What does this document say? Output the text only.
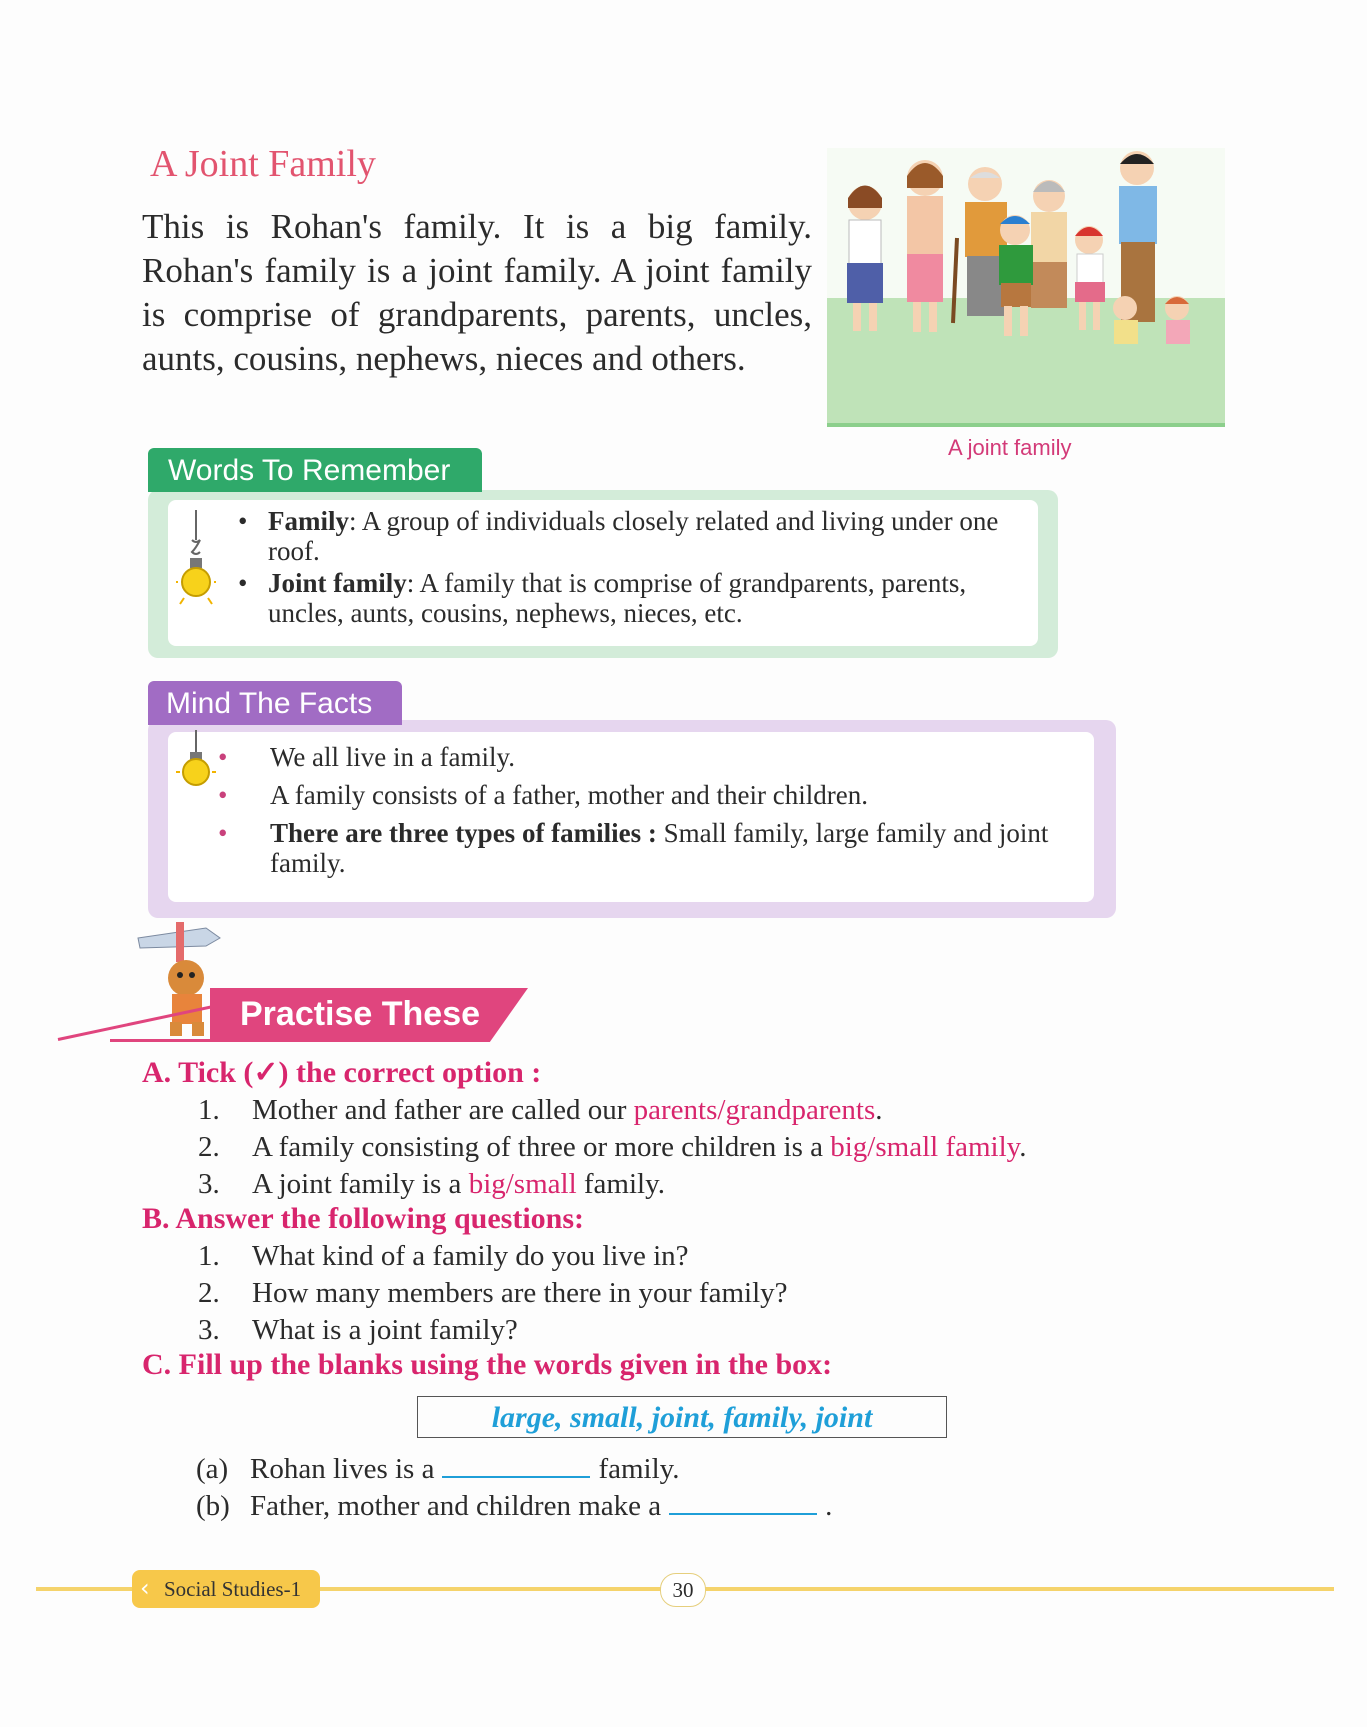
A Joint Family

This is Rohan's family. It is a big family. Rohan's family is a joint family. A joint family is comprise of grandparents, parents, uncles, aunts, cousins, nephews, nieces and others.

A joint family
Words To Remember
• Family: A group of individuals closely related and living under one roof.
• Joint family: A family that is comprise of grandparents, parents, uncles, aunts, cousins, nephews, nieces, etc.
Mind The Facts
• We all live in a family.
• A family consists of a father, mother and their children.
• There are three types of families : Small family, large family and joint family.
Practise These

A. Tick (✓) the correct option :

1. Mother and father are called our parents/grandparents.
2. A family consisting of three or more children is a big/small family.
3. A joint family is a big/small family.

B. Answer the following questions:

1. What kind of a family do you live in?
2. How many members are there in your family?
3. What is a joint family?

C. Fill up the blanks using the words given in the box:

large, small, joint, family, joint
(a) Rohan lives is a	family.
(b) Father, mother and children make a	.
Social Studies-1
‹	30
